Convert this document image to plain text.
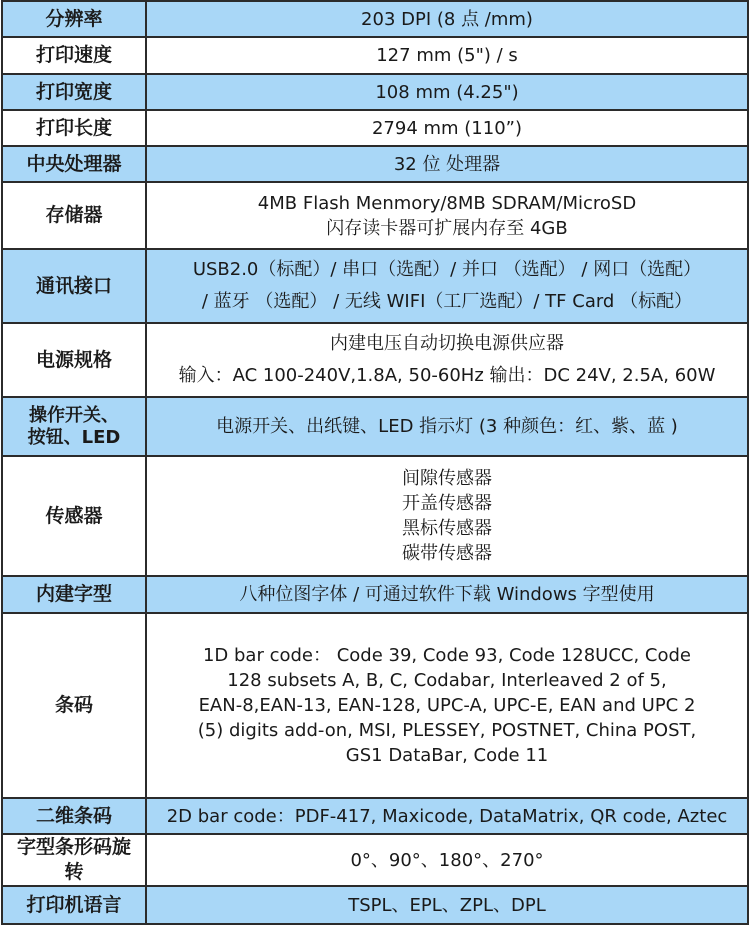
分辨率	203 DPI (8 点 /mm)
打印速度	127 mm (5") / s
打印宽度	108 mm (4.25")
打印长度	2794 mm (110”)
中央处理器	32 位 处理器
存储器	4MB Flash Menmory/8MB SDRAM/MicroSD
闪存读卡器可扩展内存至 4GB

通讯接口	USB2.0（标配）/ 串口（选配）/ 并口 （选配） / 网口（选配）
/ 蓝牙 （选配） / 无线 WIFI（工厂选配）/ TF Card （标配）

电源规格	内建电压自动切换电源供应器
输入：AC 100-240V,1.8A, 50-60Hz 输出：DC 24V, 2.5A, 60W

操作开关、
按钮、LED	电源开关、出纸键、LED 指示灯 (3 种颜色：红、紫、蓝 )
传感器	间隙传感器
开盖传感器
黑标传感器
碳带传感器

内建字型	八种位图字体 / 可通过软件下载 Windows 字型使用
条码	1D bar code： Code 39, Code 93, Code 128UCC, Code
128 subsets A, B, C, Codabar, Interleaved 2 of 5,
EAN-8,EAN-13, EAN-128, UPC-A, UPC-E, EAN and UPC 2
(5) digits add-on, MSI, PLESSEY, POSTNET, China POST,
GS1 DataBar, Code 11

二维条码	2D bar code：PDF-417, Maxicode, DataMatrix, QR code, Aztec
字型条形码旋转	0°、90°、180°、270°
打印机语言	TSPL、EPL、ZPL、DPL
